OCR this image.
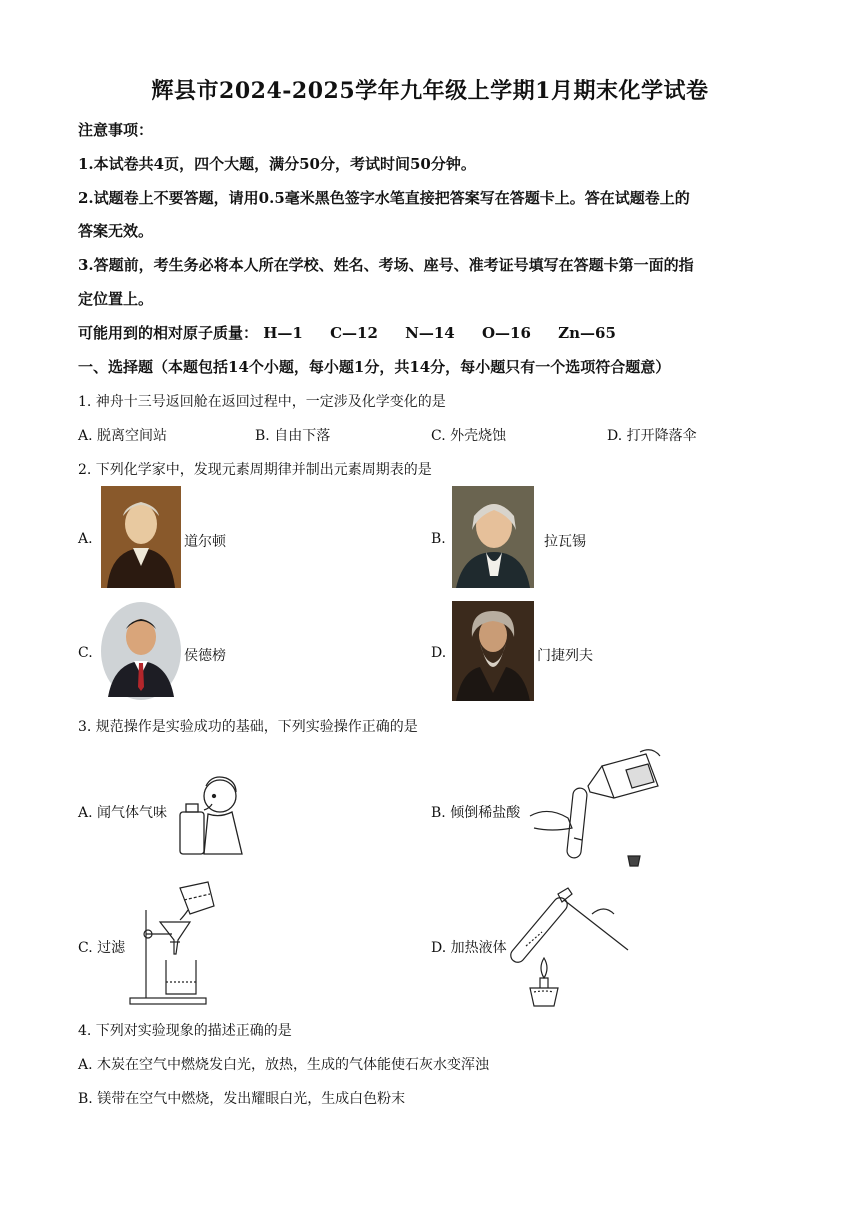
辉县市2024-2025学年九年级上学期1月期末化学试卷
注意事项：
1.本试卷共4页，四个大题，满分50分，考试时间50分钟。
2.试题卷上不要答题，请用0.5毫米黑色签字水笔直接把答案写在答题卡上。答在试题卷上的
答案无效。
3.答题前，考生务必将本人所在学校、姓名、考场、座号、准考证号填写在答题卡第一面的指
定位置上。
可能用到的相对原子质量： H—1 C—12 N—14 O—16 Zn—65
一、选择题（本题包括14个小题，每小题1分，共14分，每小题只有一个选项符合题意）
1. 神舟十三号返回舱在返回过程中，一定涉及化学变化的是
A. 脱离空间站	B. 自由下落	C. 外壳烧蚀	D. 打开降落伞
2. 下列化学家中，发现元素周期律并制出元素周期表的是
A.	道尔顿	B.	拉瓦锡
C.	侯德榜	D.	门捷列夫
3. 规范操作是实验成功的基础，下列实验操作正确的是
A. 闻气体气味	B. 倾倒稀盐酸
C. 过滤	D. 加热液体
4. 下列对实验现象的描述正确的是
A. 木炭在空气中燃烧发白光，放热，生成的气体能使石灰水变浑浊
B. 镁带在空气中燃烧，发出耀眼白光，生成白色粉末
